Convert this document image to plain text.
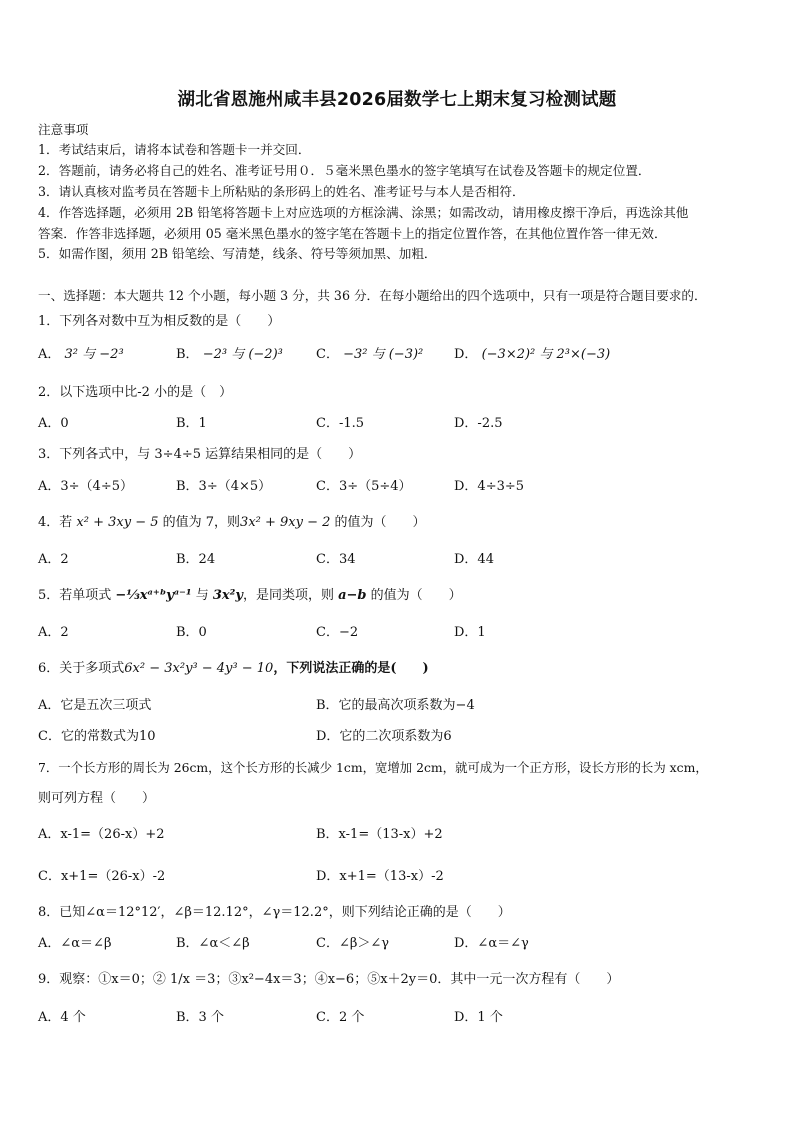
湖北省恩施州咸丰县2026届数学七上期末复习检测试题
注意事项
1．考试结束后，请将本试卷和答题卡一并交回．
2．答题前，请务必将自己的姓名、准考证号用０．５毫米黑色墨水的签字笔填写在试卷及答题卡的规定位置．
3．请认真核对监考员在答题卡上所粘贴的条形码上的姓名、准考证号与本人是否相符．
4．作答选择题，必须用 2B 铅笔将答题卡上对应选项的方框涂满、涂黑；如需改动，请用橡皮擦干净后，再选涂其他
答案．作答非选择题，必须用 05 毫米黑色墨水的签字笔在答题卡上的指定位置作答，在其他位置作答一律无效．
5．如需作图，须用 2B 铅笔绘、写清楚，线条、符号等须加黑、加粗．
一、选择题：本大题共 12 个小题，每小题 3 分，共 36 分．在每小题给出的四个选项中，只有一项是符合题目要求的．
1．下列各对数中互为相反数的是（　　）
A． 3² 与 −2³	B． −2³ 与 (−2)³	C． −3² 与 (−3)² D． (−3×2)² 与 2³×(−3)
2．以下选项中比-2 小的是（　）
A．0	B．1	C．-1.5	D．-2.5
3．下列各式中，与 3÷4÷5 运算结果相同的是（　　）
A．3÷（4÷5）	B．3÷（4×5）	C．3÷（5÷4）	D．4÷3÷5
4．若 x² + 3xy − 5 的值为 7，则3x² + 9xy − 2 的值为（　　）
A．2	B．24	C．34	D．44
5．若单项式 −⅓xᵃ⁺ᵇyᵃ⁻¹ 与 3x²y，是同类项，则 a−b 的值为（　　）
A．2	B．0	C．−2	D．1
6．关于多项式6x² − 3x²y³ − 4y³ − 10，下列说法正确的是(　　)
A．它是五次三项式	B．它的最高次项系数为−4
C．它的常数式为10	D．它的二次项系数为6
7．一个长方形的周长为 26cm，这个长方形的长减少 1cm，宽增加 2cm，就可成为一个正方形，设长方形的长为 xcm，
则可列方程（　　）
A．x-1=（26-x）+2	B．x-1=（13-x）+2
C．x+1=（26-x）-2	D．x+1=（13-x）-2
8．已知∠α＝12°12′，∠β＝12.12°，∠γ＝12.2°，则下列结论正确的是（　　）
A．∠α＝∠β	B．∠α＜∠β	C．∠β＞∠γ	D．∠α＝∠γ
9．观察：①x＝0；② 1/x ＝3；③x²−4x＝3；④x−6；⑤x＋2y＝0．其中一元一次方程有（　　）
A．4 个	B．3 个	C．2 个	D．1 个
